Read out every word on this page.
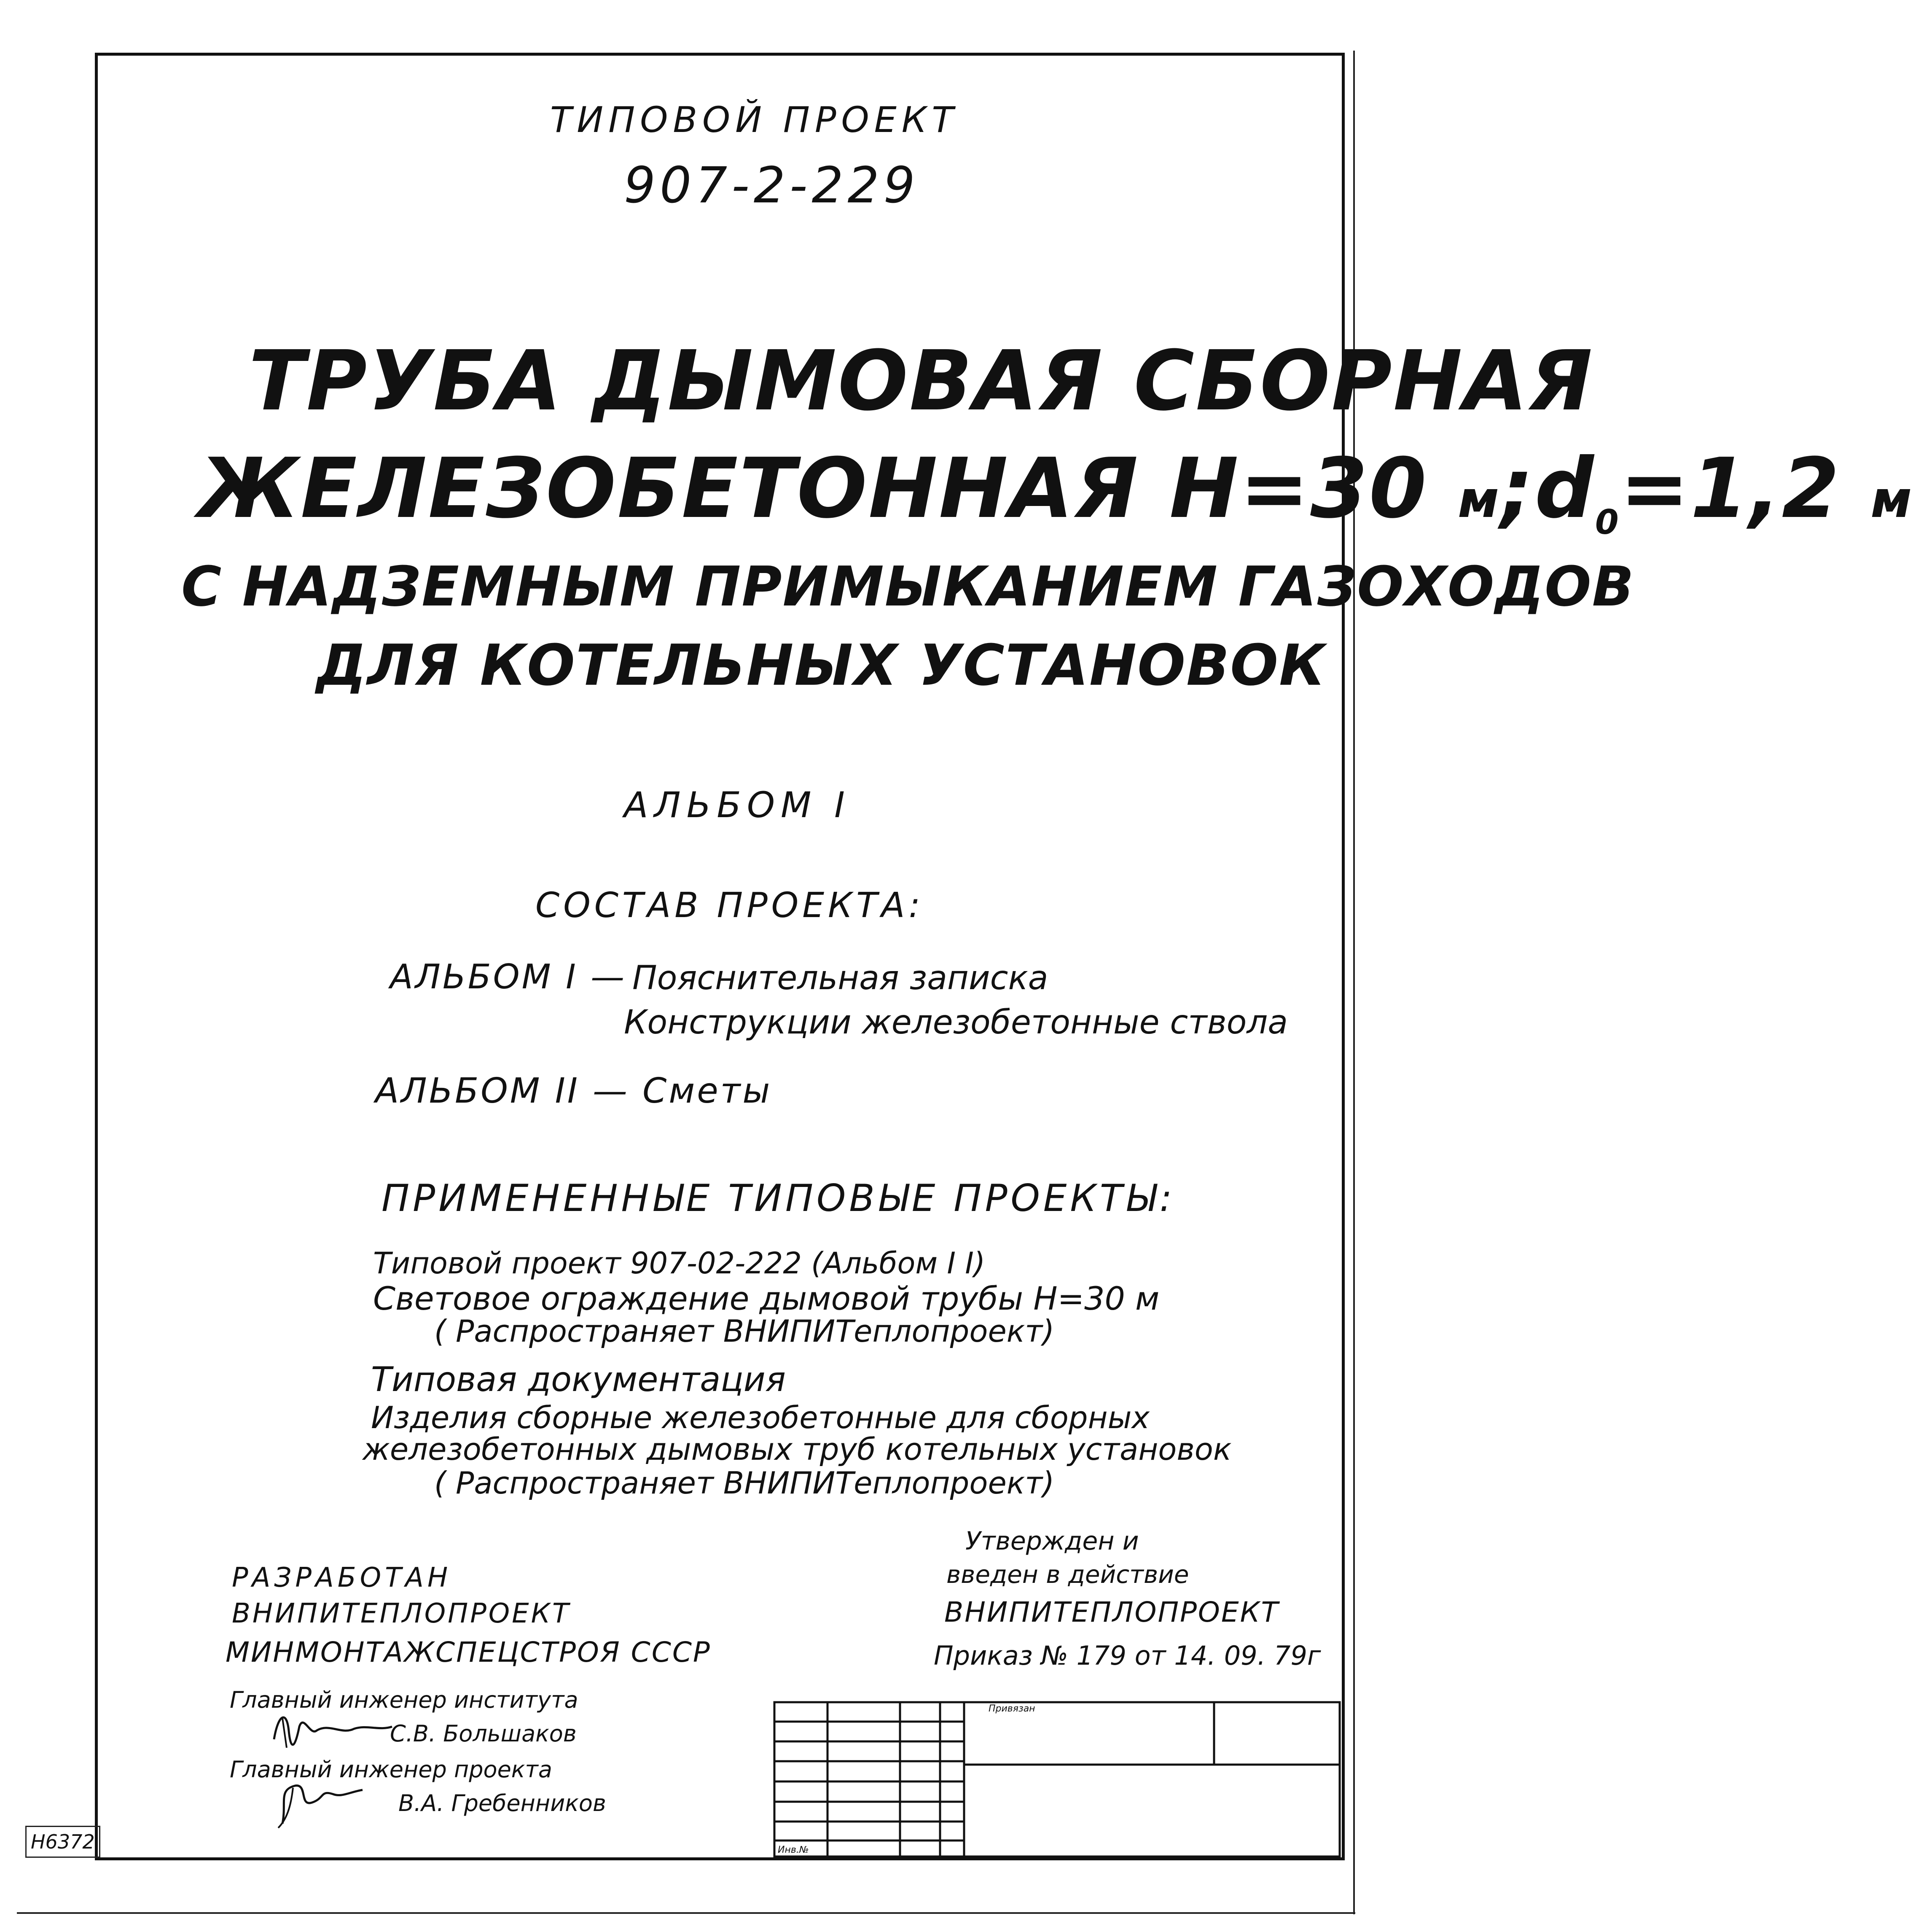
ТИПОВОЙ ПРОЕКТ
907-2-229
ТРУБА ДЫМОВАЯ СБОРНАЯ
ЖЕЛЕЗОБЕТОННАЯ H=30 $м;d_0=1,2$ м
С НАДЗЕМНЫМ ПРИМЫКАНИЕМ ГАЗОХОДОВ
ДЛЯ КОТЕЛЬНЫХ УСТАНОВОК
АЛЬБОМ I
СОСТАВ ПРОЕКТА:
АЛЬБОМ I — Пояснительная записка
Конструкции железобетонные ствола
АЛЬБОМ II — Сметы
ПРИМЕНЕННЫЕ ТИПОВЫЕ ПРОЕКТЫ:
Типовой проект 907-02-222 (Альбом I I)
Световое ограждение дымовой трубы H=30 м
( Распространяет ВНИПИТеплопроект)
Типовая документация
Изделия сборные железобетонные для сборных
железобетонных дымовых труб котельных установок
( Распространяет ВНИПИТеплопроект)
РАЗРАБОТАН
ВНИПИТЕПЛОПРОЕКТ
МИНМОНТАЖСПЕЦСТРОЯ СССР
Главный инженер института
С.В. Большаков
Главный инженер проекта
В.А. Гребенников
Утвержден и
введен в действие
ВНИПИТЕПЛОПРОЕКТ
Приказ № 179 от 14. 09. 79г
Н6372
Привязан
Инв.№
